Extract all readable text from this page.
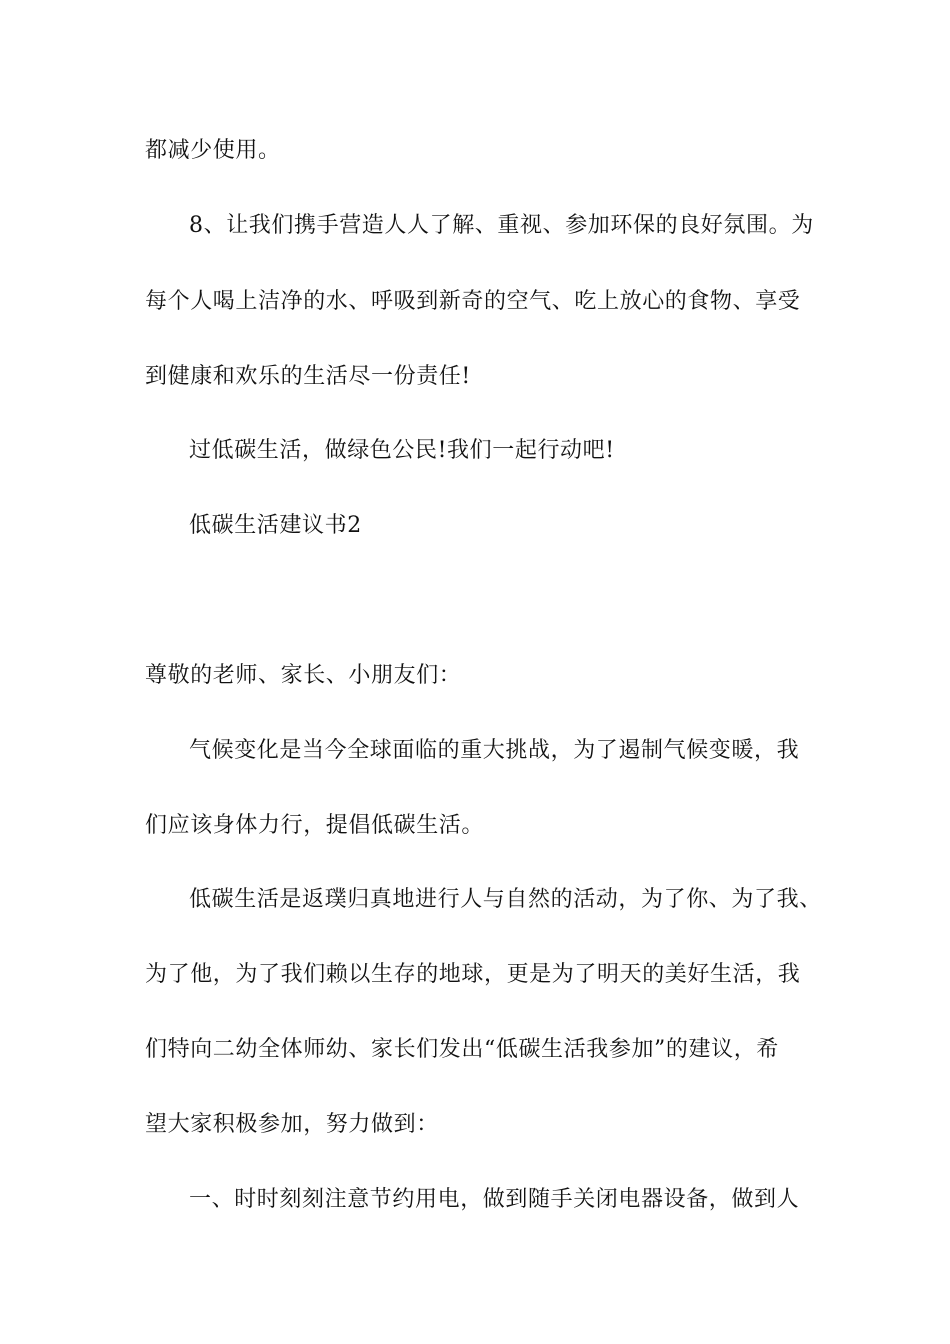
都减少使用。
8、让我们携手营造人人了解、重视、参加环保的良好氛围。为
每个人喝上洁净的水、呼吸到新奇的空气、吃上放心的食物、享受
到健康和欢乐的生活尽一份责任!
过低碳生活，做绿色公民!我们一起行动吧!
低碳生活建议书2
尊敬的老师、家长、小朋友们：
气候变化是当今全球面临的重大挑战，为了遏制气候变暖，我
们应该身体力行，提倡低碳生活。
低碳生活是返璞归真地进行人与自然的活动，为了你、为了我、
为了他，为了我们赖以生存的地球，更是为了明天的美好生活，我
们特向二幼全体师幼、家长们发出“低碳生活我参加”的建议，希
望大家积极参加，努力做到：
一、时时刻刻注意节约用电，做到随手关闭电器设备，做到人
